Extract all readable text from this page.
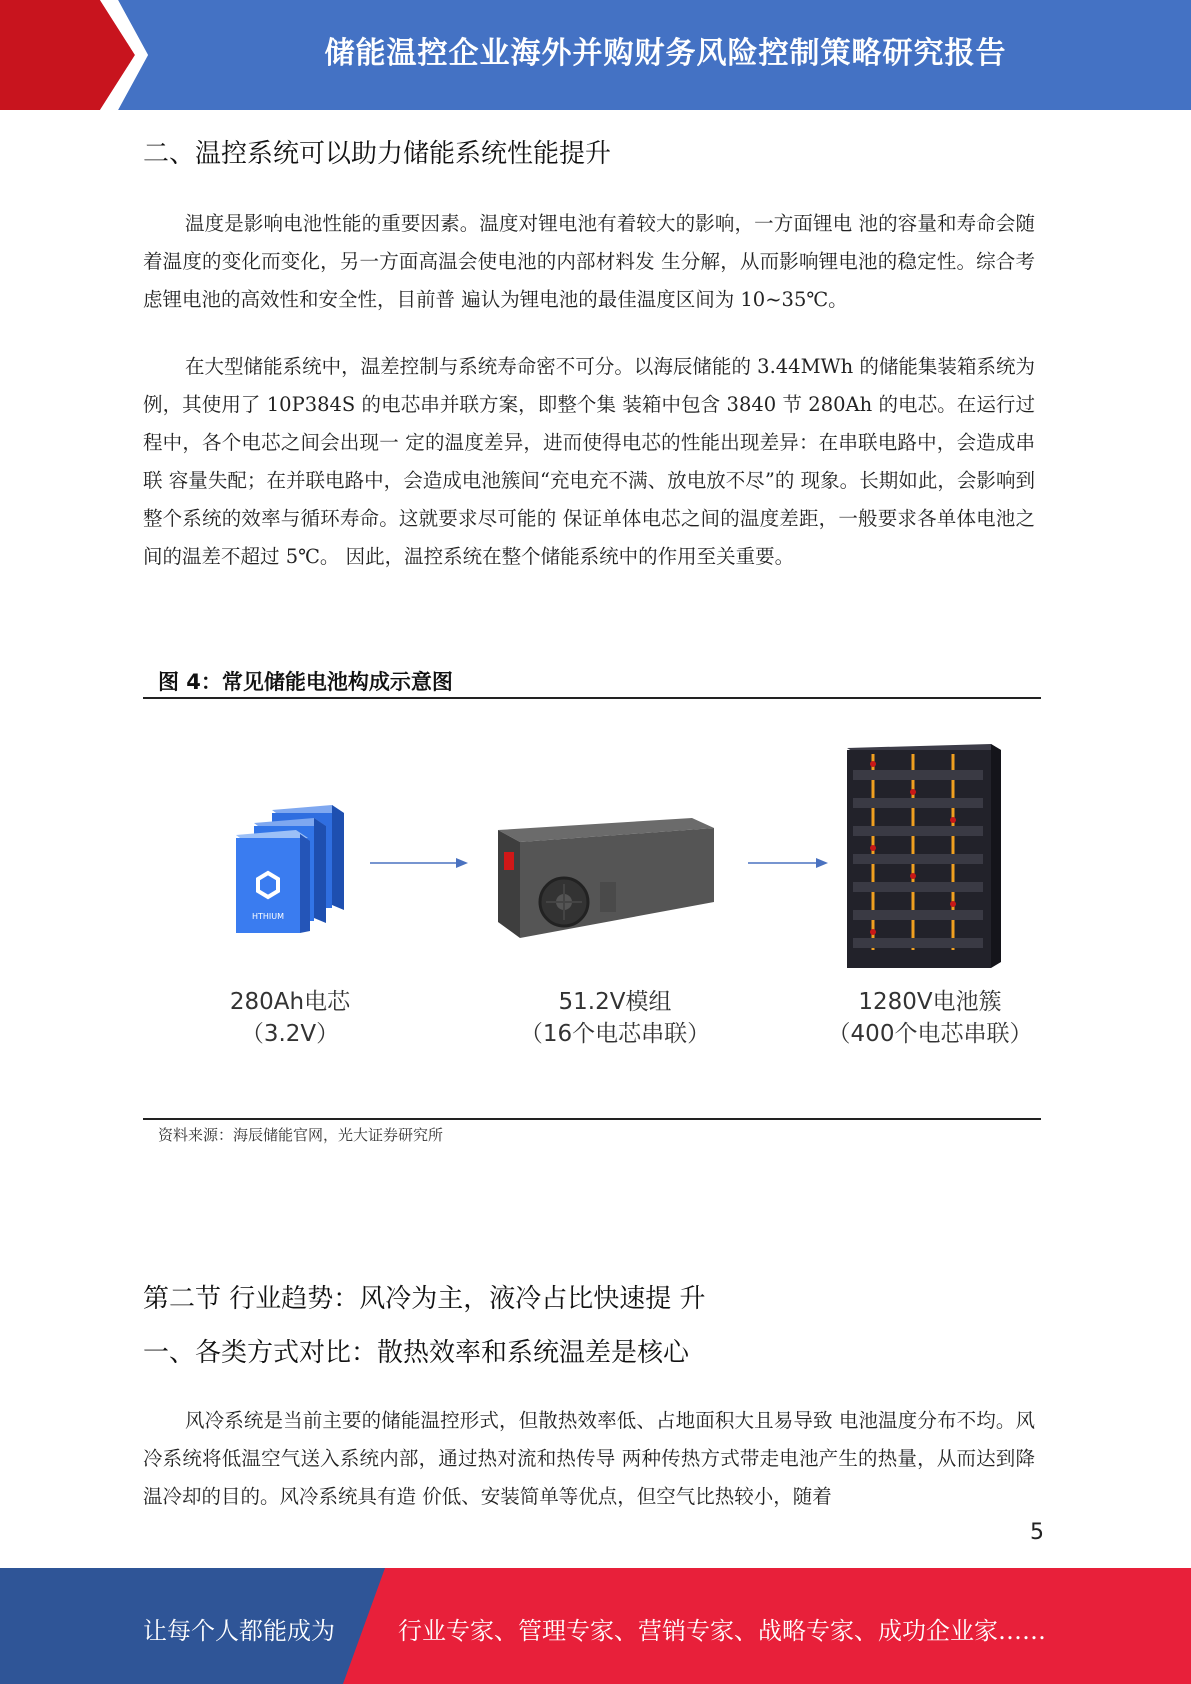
储能温控企业海外并购财务风险控制策略研究报告
二、温控系统可以助力储能系统性能提升
温度是影响电池性能的重要因素。温度对锂电池有着较大的影响，一方面锂电 池的容量和寿命会随着温度的变化而变化，另一方面高温会使电池的内部材料发 生分解，从而影响锂电池的稳定性。综合考虑锂电池的高效性和安全性，目前普 遍认为锂电池的最佳温度区间为 10~35℃。
在大型储能系统中，温差控制与系统寿命密不可分。以海辰储能的 3.44MWh 的储能集装箱系统为例，其使用了 10P384S 的电芯串并联方案，即整个集 装箱中包含 3840 节 280Ah 的电芯。在运行过程中，各个电芯之间会出现一 定的温度差异，进而使得电芯的性能出现差异：在串联电路中，会造成串联 容量失配；在并联电路中，会造成电池簇间“充电充不满、放电放不尽”的 现象。长期如此，会影响到整个系统的效率与循环寿命。这就要求尽可能的 保证单体电芯之间的温度差距，一般要求各单体电池之间的温差不超过 5℃。 因此，温控系统在整个储能系统中的作用至关重要。
图 4：常见储能电池构成示意图
HTHIUM
280Ah电芯
（3.2V）
51.2V模组
（16个电芯串联）
1280V电池簇
（400个电芯串联）
资料来源：海辰储能官网，光大证券研究所
第二节 行业趋势：风冷为主，液冷占比快速提 升
一、各类方式对比：散热效率和系统温差是核心
风冷系统是当前主要的储能温控形式，但散热效率低、占地面积大且易导致 电池温度分布不均。风冷系统将低温空气送入系统内部，通过热对流和热传导 两种传热方式带走电池产生的热量，从而达到降温冷却的目的。风冷系统具有造 价低、安装简单等优点，但空气比热较小，随着
5
让每个人都能成为	行业专家、管理专家、营销专家、战略专家、成功企业家……
